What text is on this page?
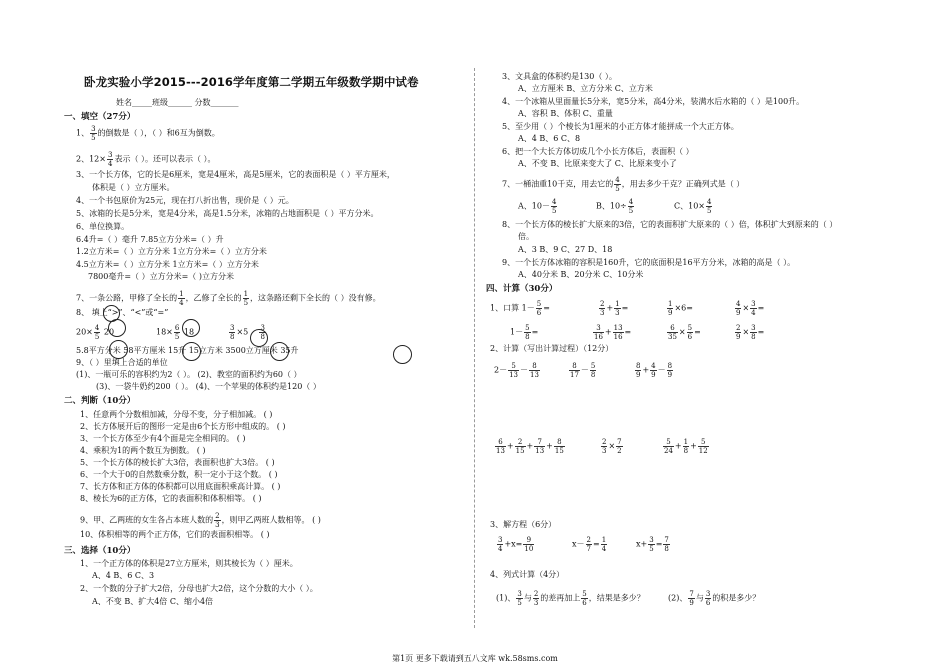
卧龙实验小学2015---2016学年度第二学期五年级数学期中试卷
姓名_____班级______ 分数_______
一、填空（27分）
1、 $\frac{3}{5}$ 的倒数是（ ），（ ）和6互为倒数。
2、$12\times \frac{3}{4}$ 表示（ ）。还可以表示（ ）。
3、一个长方体，它的长是6厘米，宽是4厘米，高是5厘米，它的表面积是（ ）平方厘米，
体积是（ ）立方厘米。
4、一个书包原价为25元，现在打八折出售，现价是（ ）元。
5、冰箱的长是5分米，宽是4分米，高是1.5分米，冰箱的占地面积是（ ）平方分米。
6、单位换算。
6.4升=（ ）毫升 7.85立方分米=（ ）升
1.2立方米=（ ）立方分米 1立方分米=（ ）立方分米
4.5立方米=（ ）立方分米 1立方米=（ ）立方分米
7800毫升=（ ）立方分米=（ )立方分米
7、一条公路，甲修了全长的 $\frac{1}{4}$ ，乙修了全长的 $\frac{1}{5}$ ，这条路还剩下全长的（ ）没有修。
8、 填上“>”、“<”或“=”
$20\times \frac{4}{5} 20$	$18\times \frac{6}{5} 18$	$\frac{3}{8} \times 5 \frac{3}{8}$
5.8平方分米 58平方厘米 15升 15立方米 3500立方厘米 35升
9、（ ）里填上合适的单位
(1)、一瓶可乐的容积约为2（ ）。 (2)、教室的面积约为60（ ）
(3)、一袋牛奶约200（ ）。 (4)、一个苹果的体积约是120（ ）
二、判断（10分）
1、任意两个分数相加减，分母不变，分子相加减。 ( )
2、长方体展开后的图形一定是由6个长方形中组成的。 ( )
3、一个长方体至少有4个面是完全相同的。 ( )
4、乘积为1的两个数互为倒数。 ( )
5、一个长方体的棱长扩大3倍，表面积也扩大3倍。 ( )
6、一个大于0的自然数乘分数，积一定小于这个数。 ( )
7、长方体和正方体的体积都可以用底面积乘高计算。 ( )
8、棱长为6的正方体，它的表面积和体积相等。 ( )
9、甲、乙两班的女生各占本班人数的 $\frac{2}{3}$ ，则甲乙两班人数相等。 ( )
10、体积相等的两个正方体，它们的表面积相等。 ( )
三、选择（10分）
1、一个正方体的体积是27立方厘米，则其棱长为（ ）厘米。
A、4 B、6 C、3
2、一个数的分子扩大2倍，分母也扩大2倍，这个分数的大小（ ）。
A、不变 B、扩大4倍 C、缩小4倍
3、文具盒的体积约是130（ ）。
A、立方厘米 B、立方分米 C、立方米
4、一个冰箱从里面量长5分米，宽5分米，高4分米，装满水后水箱的（ ）是100升。
A、容积 B、体积 C、重量
5、至少用（ ）个棱长为1厘米的小正方体才能拼成一个大正方体。
A、4 B、6 C、8
6、把一个大长方体切成几个小长方体后，表面积（ ）
A、不变 B、比原来变大了 C、比原来变小了
7、一桶油重10千克，用去它的 $\frac{4}{5}$ ，用去多少千克？正确列式是（ ）
A、$10- \frac{4}{5}$	B、$10\div \frac{4}{5}$	C、$10\times \frac{4}{5}$
8、一个长方体的棱长扩大原来的3倍，它的表面积扩大原来的（ ）倍，体积扩大到原来的（ ）
倍。
A、3 B、9 C、27 D、18
9、一个长方体冰箱的容积是160升，它的底面积是16平方分米，冰箱的高是（ ）。
A、40分米 B、20分米 C、10分米
四、计算（30分）
1、口算 $1- \frac{5}{6}$ =	$\frac{2}{3} + \frac{1}{3}$ =	$\frac{1}{9} \times 6=$	$\frac{4}{9} \times \frac{3}{4}$ =
$1- \frac{5}{8}$ =	$\frac{3}{16} + \frac{13}{16}$ =	$\frac{6}{35} \times \frac{5}{6}$ =	$\frac{2}{9} \times \frac{3}{8}$ =
2、计算（写出计算过程）（12分）
$2- \frac{5}{13} - \frac{8}{13}$	$\frac{8}{17} - \frac{5}{8}$	$\frac{8}{9} + \frac{4}{9} - \frac{8}{9}$
$\frac{6}{13} + \frac{2}{15} + \frac{7}{13} + \frac{8}{15}$	$\frac{2}{3} \times \frac{7}{2}$	$\frac{5}{24} + \frac{1}{8} + \frac{5}{12}$
3、解方程（6分）
$\frac{3}{4} +x= \frac{9}{10}$	$x- \frac{2}{7} = \frac{1}{4}$	$x+ \frac{3}{5} = \frac{7}{8}$
4、列式计算（4分）
(1)、 $\frac{3}{5}$ 与 $\frac{2}{3}$ 的差再加上 $\frac{5}{6}$ ，结果是多少？	(2)、 $\frac{7}{9}$ 与 $\frac{3}{6}$ 的积是多少？
第1页 更多下载请到五八文库 wk.58sms.com
